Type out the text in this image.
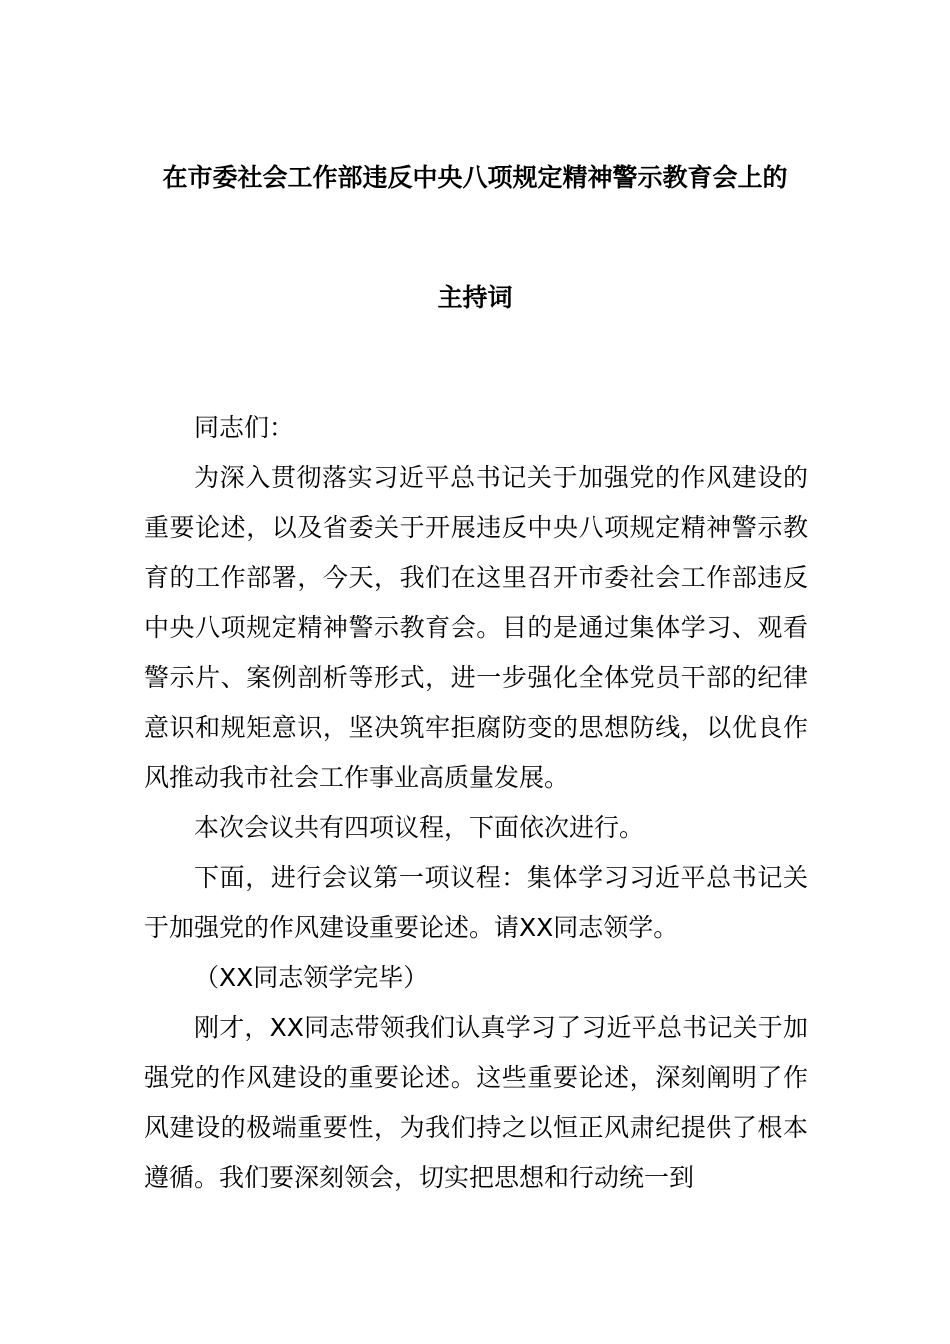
在市委社会工作部违反中央八项规定精神警示教育会上的
主持词

同志们：

为深入贯彻落实习近平总书记关于加强党的作风建设的重要论述，以及省委关于开展违反中央八项规定精神警示教育的工作部署，今天，我们在这里召开市委社会工作部违反中央八项规定精神警示教育会。目的是通过集体学习、观看警示片、案例剖析等形式，进一步强化全体党员干部的纪律意识和规矩意识，坚决筑牢拒腐防变的思想防线，以优良作风推动我市社会工作事业高质量发展。

本次会议共有四项议程，下面依次进行。

下面，进行会议第一项议程：集体学习习近平总书记关于加强党的作风建设重要论述。请XX同志领学。

（XX同志领学完毕）

刚才，XX同志带领我们认真学习了习近平总书记关于加强党的作风建设的重要论述。这些重要论述，深刻阐明了作风建设的极端重要性，为我们持之以恒正风肃纪提供了根本遵循。我们要深刻领会，切实把思想和行动统一到
